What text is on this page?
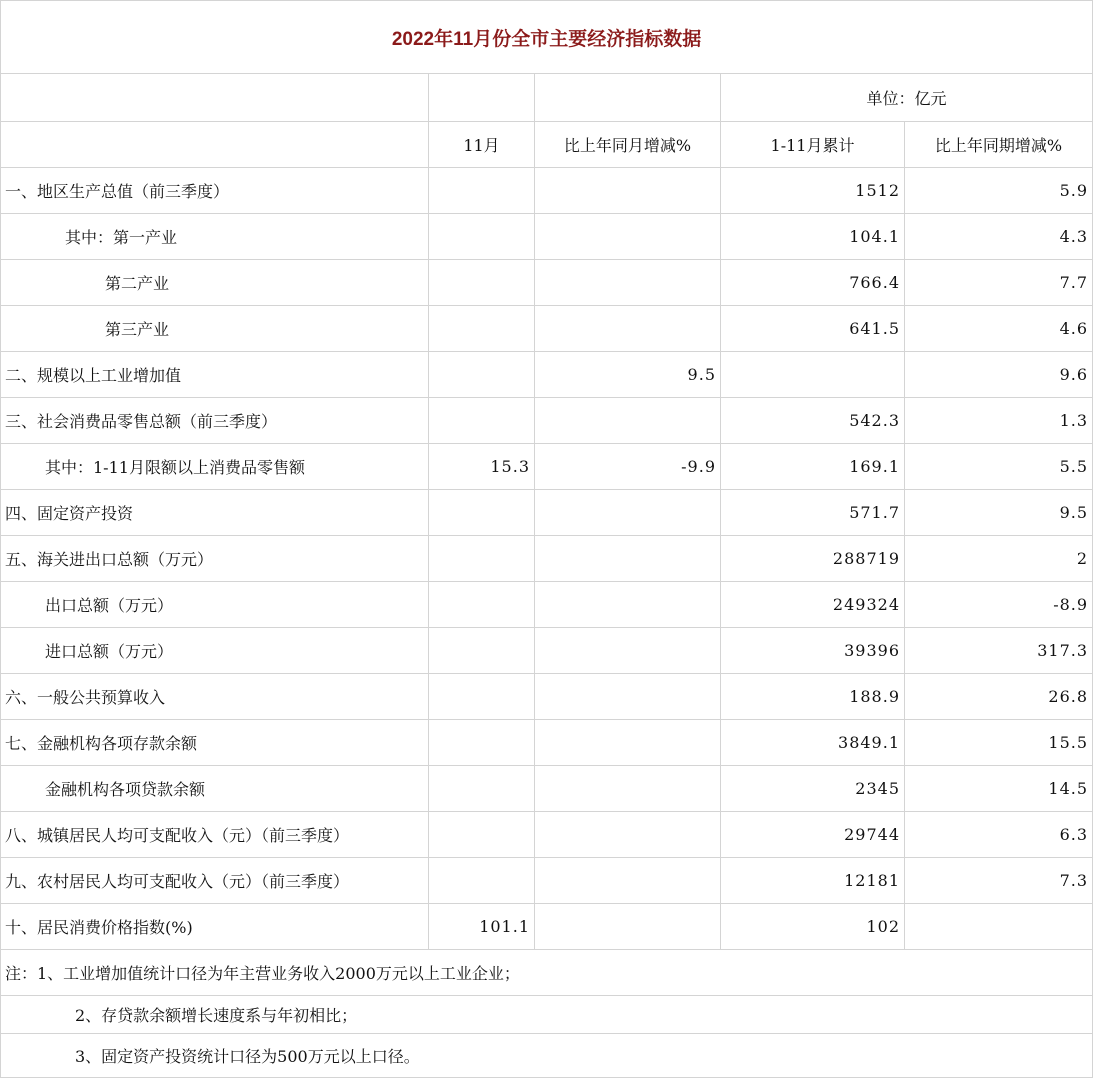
2022年11月份全市主要经济指标数据				
			单位：亿元	
	11月	比上年同月增减%	1-11月累计	比上年同期增减%
一、地区生产总值（前三季度）			1512	5.9
其中：第一产业			104.1	4.3
第二产业			766.4	7.7
第三产业			641.5	4.6
二、规模以上工业增加值		9.5		9.6
三、社会消费品零售总额（前三季度）			542.3	1.3
其中：1-11月限额以上消费品零售额	15.3	-9.9	169.1	5.5
四、固定资产投资			571.7	9.5
五、海关进出口总额（万元）			288719	2
出口总额（万元）			249324	-8.9
进口总额（万元）			39396	317.3
六、一般公共预算收入			188.9	26.8
七、金融机构各项存款余额			3849.1	15.5
金融机构各项贷款余额			2345	14.5
八、城镇居民人均可支配收入（元）（前三季度）			29744	6.3
九、农村居民人均可支配收入（元）（前三季度）			12181	7.3
十、居民消费价格指数(%)	101.1		102	
注：1、工业增加值统计口径为年主营业务收入2000万元以上工业企业；				
2、存贷款余额增长速度系与年初相比；				
3、固定资产投资统计口径为500万元以上口径。				
